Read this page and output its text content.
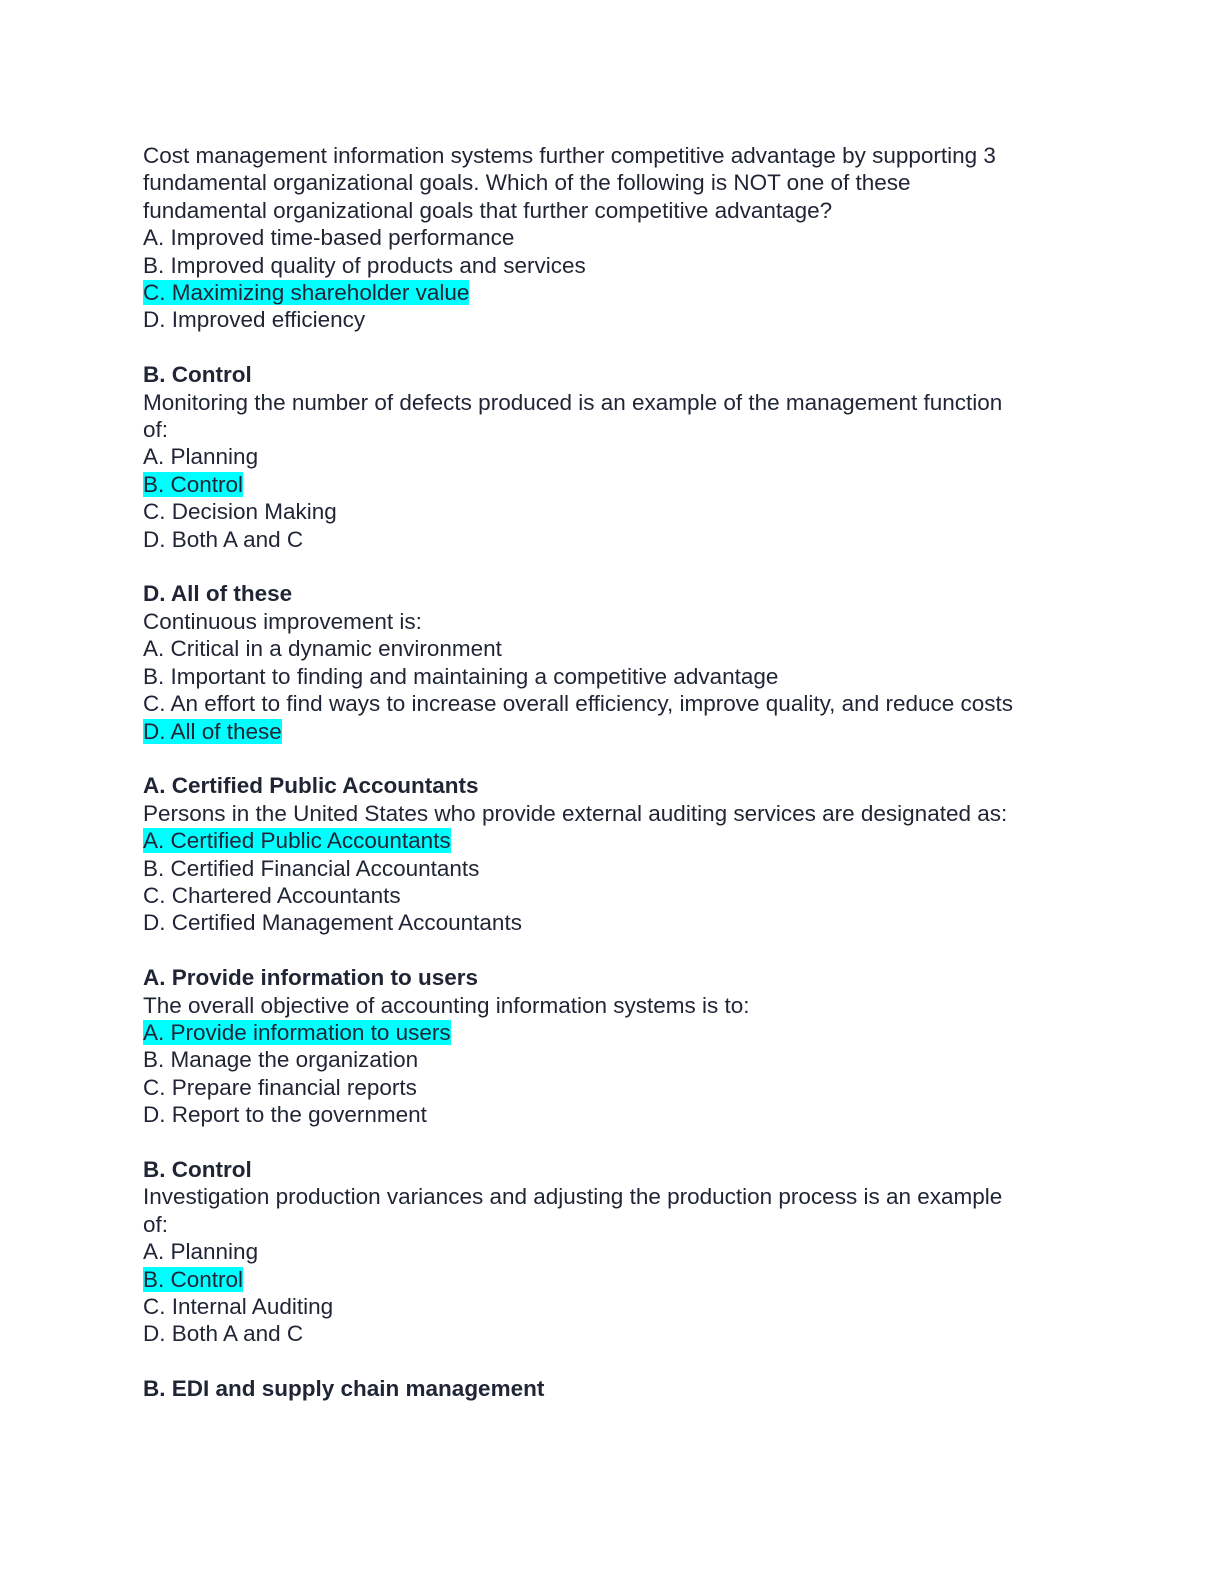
Cost management information systems further competitive advantage by supporting 3
fundamental organizational goals. Which of the following is NOT one of these
fundamental organizational goals that further competitive advantage?
A. Improved time-based performance
B. Improved quality of products and services
C. Maximizing shareholder value
D. Improved efficiency
B. Control
Monitoring the number of defects produced is an example of the management function
of:
A. Planning
B. Control
C. Decision Making
D. Both A and C
D. All of these
Continuous improvement is:
A. Critical in a dynamic environment
B. Important to finding and maintaining a competitive advantage
C. An effort to find ways to increase overall efficiency, improve quality, and reduce costs
D. All of these
A. Certified Public Accountants
Persons in the United States who provide external auditing services are designated as:
A. Certified Public Accountants
B. Certified Financial Accountants
C. Chartered Accountants
D. Certified Management Accountants
A. Provide information to users
The overall objective of accounting information systems is to:
A. Provide information to users
B. Manage the organization
C. Prepare financial reports
D. Report to the government
B. Control
Investigation production variances and adjusting the production process is an example
of:
A. Planning
B. Control
C. Internal Auditing
D. Both A and C
B. EDI and supply chain management
